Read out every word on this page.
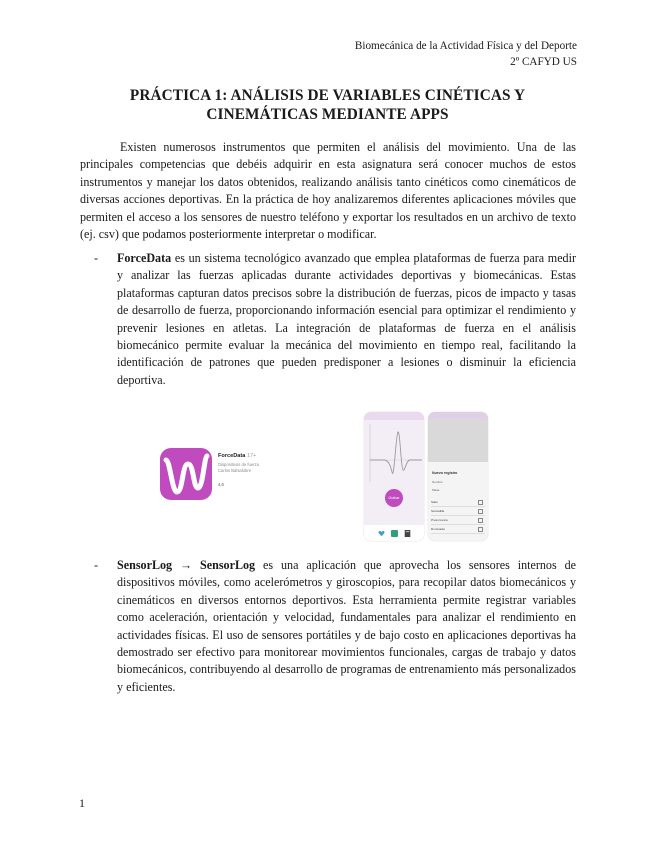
Biomecánica de la Actividad Física y del Deporte
2º CAFYD US
PRÁCTICA 1: ANÁLISIS DE VARIABLES CINÉTICAS Y CINEMÁTICAS MEDIANTE APPS

Existen numerosos instrumentos que permiten el análisis del movimiento. Una de las principales competencias que debéis adquirir en esta asignatura será conocer muchos de estos instrumentos y manejar los datos obtenidos, realizando análisis tanto cinéticos como cinemáticos de diversas acciones deportivas. En la práctica de hoy analizaremos diferentes aplicaciones móviles que permiten el acceso a los sensores de nuestro teléfono y exportar los resultados en un archivo de texto (ej. csv) que podamos posteriormente interpretar o modificar.

- ForceData es un sistema tecnológico avanzado que emplea plataformas de fuerza para medir y analizar las fuerzas aplicadas durante actividades deportivas y biomecánicas. Estas plataformas capturan datos precisos sobre la distribución de fuerzas, picos de impacto y tasas de desarrollo de fuerza, proporcionando información esencial para optimizar el rendimiento y prevenir lesiones en atletas. La integración de plataformas de fuerza en el análisis biomecánico permite evaluar la mecánica del movimiento en tiempo real, facilitando la identificación de patrones que pueden predisponer a lesiones o disminuir la eficiencia deportiva.

ForceData 17+
Dispositivos de fuerza
Carlos Balsalobre
4,6
Grabar
Nuevo registro
Nombre
Masa
Salto
Sentadilla
Press banca
Dominada
- SensorLog → SensorLog es una aplicación que aprovecha los sensores internos de dispositivos móviles, como acelerómetros y giroscopios, para recopilar datos biomecánicos y cinemáticos en diversos entornos deportivos. Esta herramienta permite registrar variables como aceleración, orientación y velocidad, fundamentales para analizar el rendimiento en actividades físicas. El uso de sensores portátiles y de bajo costo en aplicaciones deportivas ha demostrado ser efectivo para monitorear movimientos funcionales, cargas de trabajo y datos biomecánicos, contribuyendo al desarrollo de programas de entrenamiento más personalizados y eficientes.

1
